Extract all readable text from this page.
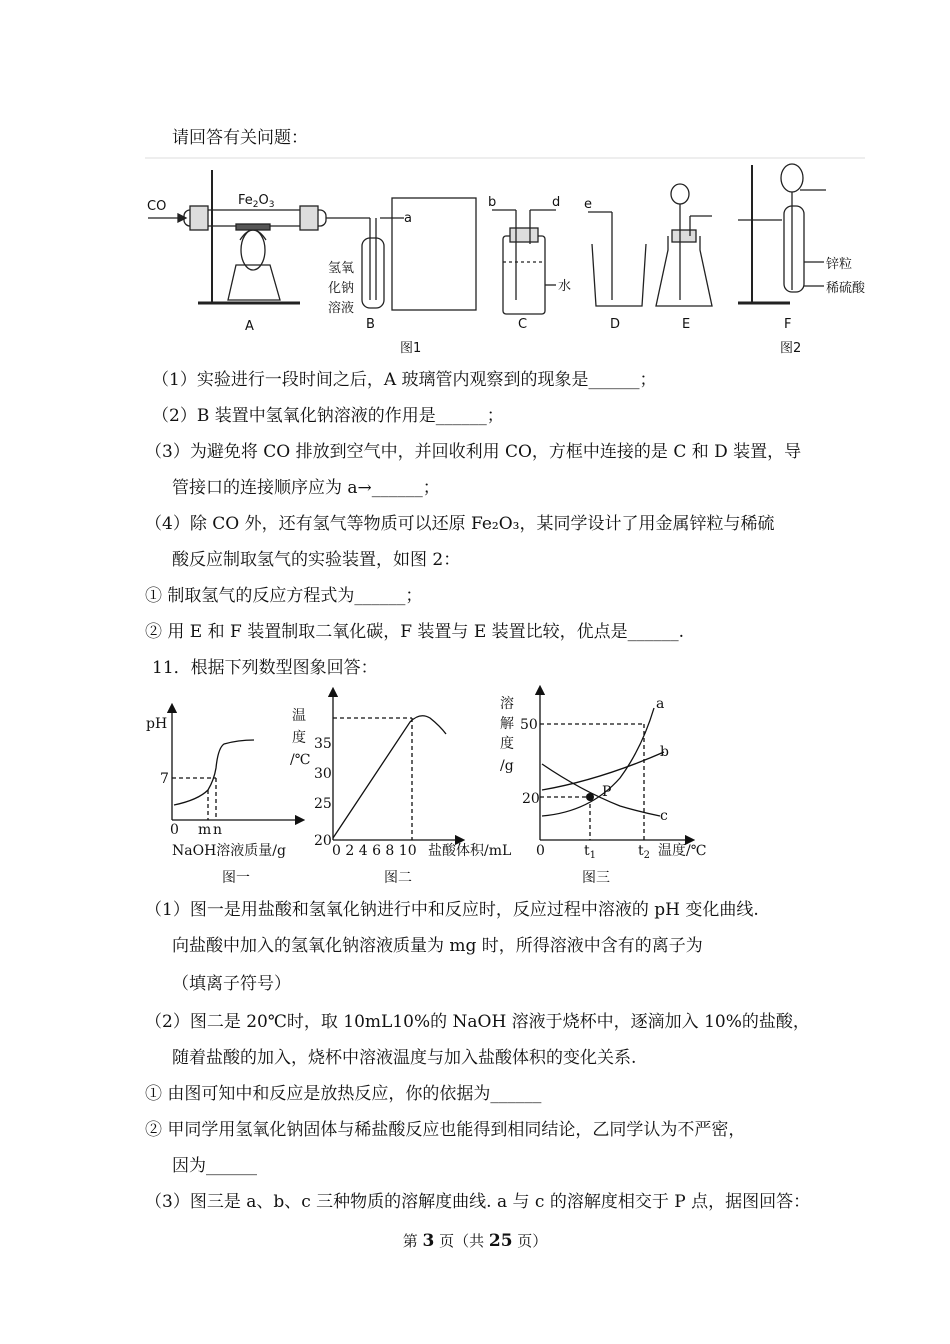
请回答有关问题：
CO	$Fe_2O_3$
氢氧
化钠
溶液
a
b	d e
水
锌粒
稀硫酸
A	B	C	D	E	F
图1	图2
（1）实验进行一段时间之后，A 玻璃管内观察到的现象是______；
（2）B 装置中氢氧化钠溶液的作用是______；
（3）为避免将 CO 排放到空气中，并回收利用 CO，方框中连接的是 C 和 D 装置，导
管接口的连接顺序应为 a→______；
（4）除 CO 外，还有氢气等物质可以还原 Fe₂O₃，某同学设计了用金属锌粒与稀硫
酸反应制取氢气的实验装置，如图 2：
① 制取氢气的反应方程式为______；
② 用 E 和 F 装置制取二氧化碳，F 装置与 E 装置比较，优点是______.
11．根据下列数型图象回答：
pH
7
0 m n
NaOH溶液质量/g
图一
温
度
/℃
35
30
25
20
0 2 4 6 8 10 盐酸体积/mL
图二
溶
解
度
/g
50
20
0	$t_1$	$t_2$ 温度/℃
a
b
c
P
图三
（1）图一是用盐酸和氢氧化钠进行中和反应时，反应过程中溶液的 pH 变化曲线.
向盐酸中加入的氢氧化钠溶液质量为 mg 时，所得溶液中含有的离子为
（填离子符号）
（2）图二是 20℃时，取 10mL10%的 NaOH 溶液于烧杯中，逐滴加入 10%的盐酸，
随着盐酸的加入，烧杯中溶液温度与加入盐酸体积的变化关系.
① 由图可知中和反应是放热反应，你的依据为______
② 甲同学用氢氧化钠固体与稀盐酸反应也能得到相同结论，乙同学认为不严密，
因为______
（3）图三是 a、b、c 三种物质的溶解度曲线. a 与 c 的溶解度相交于 P 点，据图回答：
第 3 页（共 25 页）
